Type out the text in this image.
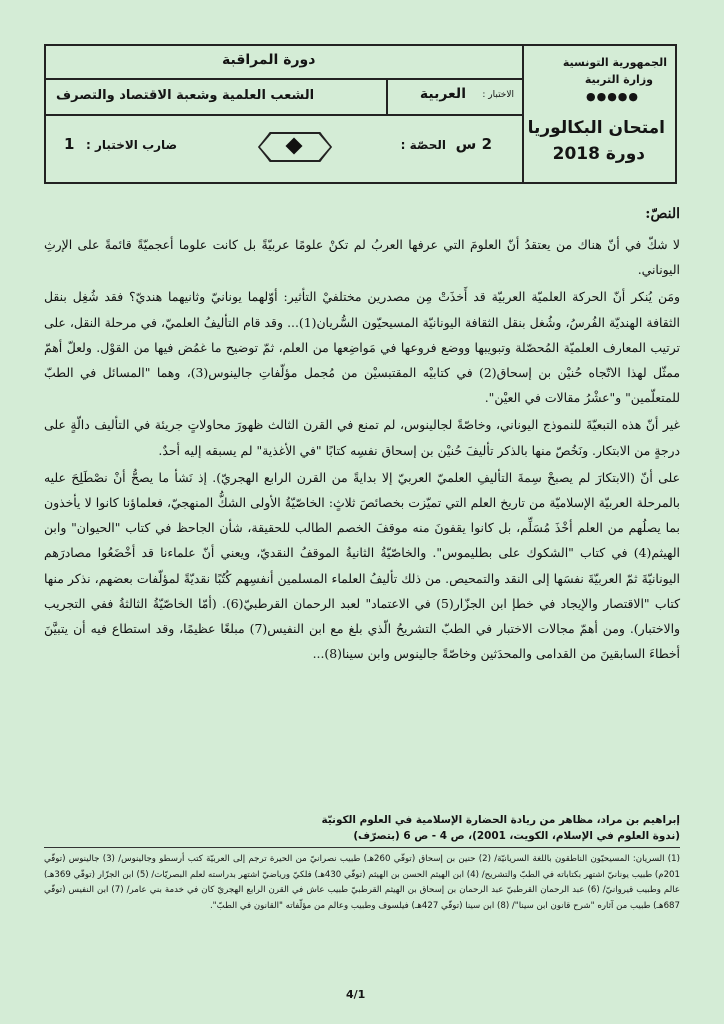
الجمهورية التونسية
وزارة التربية
●●●●●
امتحان البكالوريا
دورة 2018
دورة المراقبة
الاختبار :
العربية
الشعب العلمية وشعبة الاقتصاد والتصرف
الحصّة : 2 س
ضارب الاختبار :
1
النصّ:

لا شكّ في أنّ هناك من يعتقدُ أنّ العلومَ التي عرفها العربُ لم تكنْ علومًا عربيّةً بل كانت علوما أعجميّةً قائمةً على الإرثِ اليوناني.

ومَن يُنكر أنّ الحركة العلميّة العربيّة قد أَخذَتْ مِن مصدرين مختلفيْ التأثير: أوّلهما يونانيّ وثانيهما هنديّ؟ فقد شُغِل بنقل الثقافة الهنديّة الفُرسُ، وشُغل بنقل الثقافة اليونانيّة المسيحيّون السُّريان(1)... وقد قام التأليفُ العلميّ، في مرحلة النقل، على ترتيب المعارف العلميّة المُحصّلة وتبويبها ووضع فروعها في مَواضِعها من العلم، ثمّ توضيح ما غمُض فيها من القوْل. ولعلّ أهمّ ممثّل لهذا الاتّجاه حُنيْن بن إسحاق(2) في كتابيْه المقتبسيْن من مُجمل مؤلّفاتِ جالينوس(3)، وهما "المسائل في الطبّ للمتعلّمين" و"عشْرُ مقالات في العيْن".

غير أنّ هذه التبعيّةَ للنموذج اليوناني، وخاصّةً لجالينوس، لم تمنع في القرن الثالث ظهورَ محاولاتٍ جريئة في التأليف دالّةٍ على درجةٍ من الابتكار. ونَخُصّ منها بالذكر تأليفَ حُنيْن بن إسحاق نفسِه كتابًا "في الأغذية" لم يسبقه إليه أحدٌ.

على أنّ (الابتكارَ لم يصبحْ سِمةَ التأليفِ العلميّ العربيّ إلا بدايةً من القرن الرابع الهجريّ). إذ نَشأ ما يصحُّ أنْ نصْطَلِحَ عليه بالمرحلة العربيّة الإسلاميّة من تاريخ العلم التي تميّزت بخصائصَ ثلاثٍ: الخاصّيّةُ الأولى الشكُّ المنهجيّ، فعلماؤنا كانوا لا يأخذون بما يصلُهم من العلم أخْذَ مُسَلِّم، بل كانوا يقفونَ منه موقفَ الخصم الطالب للحقيقة، شأن الجاحظ في كتاب "الحيوان" وابن الهيثم(4) في كتاب "الشكوك على بطليموس". والخاصّيّةُ الثانيةُ الموقفُ النقديّ، ويعني أنّ علماءنا قد أخْضَعُوا مصادرَهم اليونانيّةَ ثمّ العربيّةَ نفسَها إلى النقد والتمحيص. من ذلك تأليفُ العلماء المسلمين أنفسِهم كُتُبًا نقديّةً لمؤلّفات بعضهم، نذكر منها كتاب "الاقتصار والإيجاد في خطإ ابن الجزّار(5) في الاعتماد" لعبد الرحمان القرطبيّ(6). (أمّا الخاصّيّةُ الثالثةُ ففي التجريب والاختبار). ومن أهمّ مجالات الاختبار في الطبّ التشريحُ الّذي بلغ مع ابن النفيس(7) مبلغًا عظيمًا، وقد استطاع فيه أن يتبيَّنَ أخطاءَ السابقينَ من القدامى والمحدَثين وخاصّةً جالينوس وابن سينا(8)...

إبراهيم بن مراد، مظاهر من ريادة الحضارة الإسلامية في العلوم الكونيّة
(ندوة العلوم في الإسلام، الكويت، 2001)، ص 4 - ص 6 (بتصرّف)
(1) السريان: المسيحيّون الناطقون باللغة السريانيّة/ (2) حنين بن إسحاق (توفّي 260هـ) طبيب نصرانيّ من الحيرة ترجم إلى العربيّة كتب أرسطو وجالينوس/ (3) جالينوس (توفّي 201م) طبيب يونانيّ اشتهر بكتاباته في الطبّ والتشريح/ (4) ابن الهيثم الحسن بن الهيثم (توفّي 430هـ) فلكيّ ورياضيّ اشتهر بدراسته لعلم البصريّات/ (5) ابن الجزّار (توفّي 369هـ) عالم وطبيب قيروانيّ/ (6) عبد الرحمان القرطبيّ عبد الرحمان بن إسحاق بن الهيثم القرطبيّ طبيب عاش في القرن الرابع الهجريّ كان في خدمة بني عامر/ (7) ابن النفيس (توفّي 687هـ) طبيب من آثاره "شرح قانون ابن سينا"/ (8) ابن سينا (توفّي 427هـ) فيلسوف وطبيب وعالم من مؤلّفاته "القانون في الطبّ".
4/1
